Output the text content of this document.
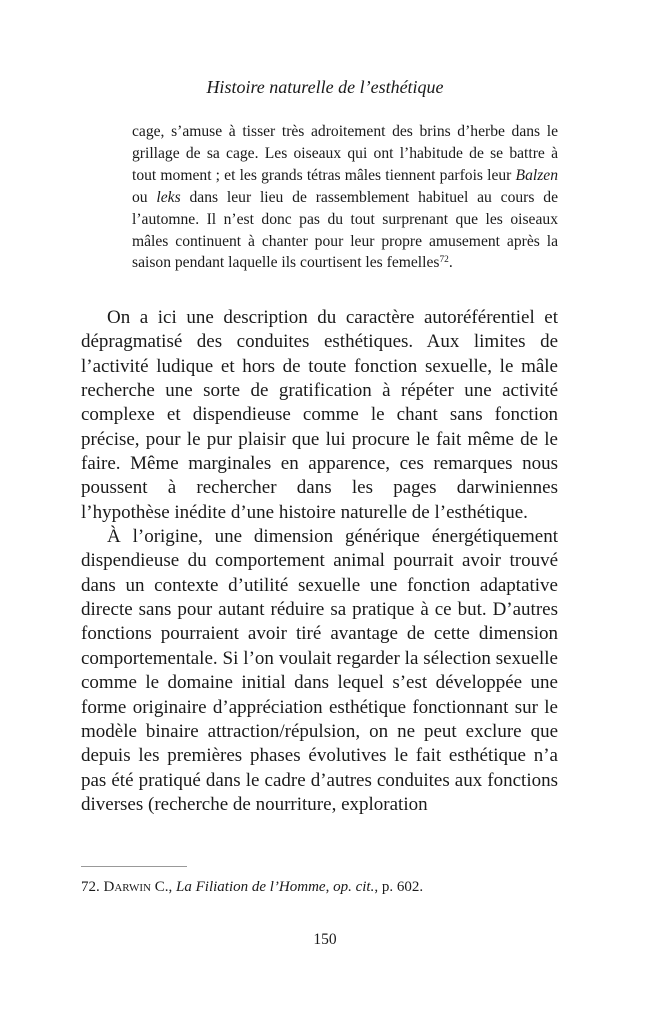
Histoire naturelle de l’esthétique

cage, s’amuse à tisser très adroitement des brins d’herbe dans le grillage de sa cage. Les oiseaux qui ont l’habitude de se battre à tout moment ; et les grands tétras mâles tiennent parfois leur Balzen ou leks dans leur lieu de rassemblement habituel au cours de l’automne. Il n’est donc pas du tout surprenant que les oiseaux mâles continuent à chanter pour leur propre amusement après la saison pendant laquelle ils courtisent les femelles$^{72}$.

On a ici une description du caractère autoréférentiel et dépragmatisé des conduites esthétiques. Aux limites de l’activité ludique et hors de toute fonction sexuelle, le mâle recherche une sorte de gratification à répéter une activité complexe et dispendieuse comme le chant sans fonction précise, pour le pur plaisir que lui procure le fait même de le faire. Même marginales en apparence, ces remarques nous poussent à rechercher dans les pages darwiniennes l’hypothèse inédite d’une histoire naturelle de l’esthétique.

À l’origine, une dimension générique énergétiquement dispendieuse du comportement animal pourrait avoir trouvé dans un contexte d’utilité sexuelle une fonction adaptative directe sans pour autant réduire sa pratique à ce but. D’autres fonctions pourraient avoir tiré avantage de cette dimension comportementale. Si l’on voulait regarder la sélection sexuelle comme le domaine initial dans lequel s’est développée une forme originaire d’appréciation esthétique fonctionnant sur le modèle binaire attraction/répulsion, on ne peut exclure que depuis les premières phases évolutives le fait esthétique n’a pas été pratiqué dans le cadre d’autres conduites aux fonctions diverses (recherche de nourriture, exploration

72. Darwin C., La Filiation de l’Homme, op. cit., p. 602.
150
